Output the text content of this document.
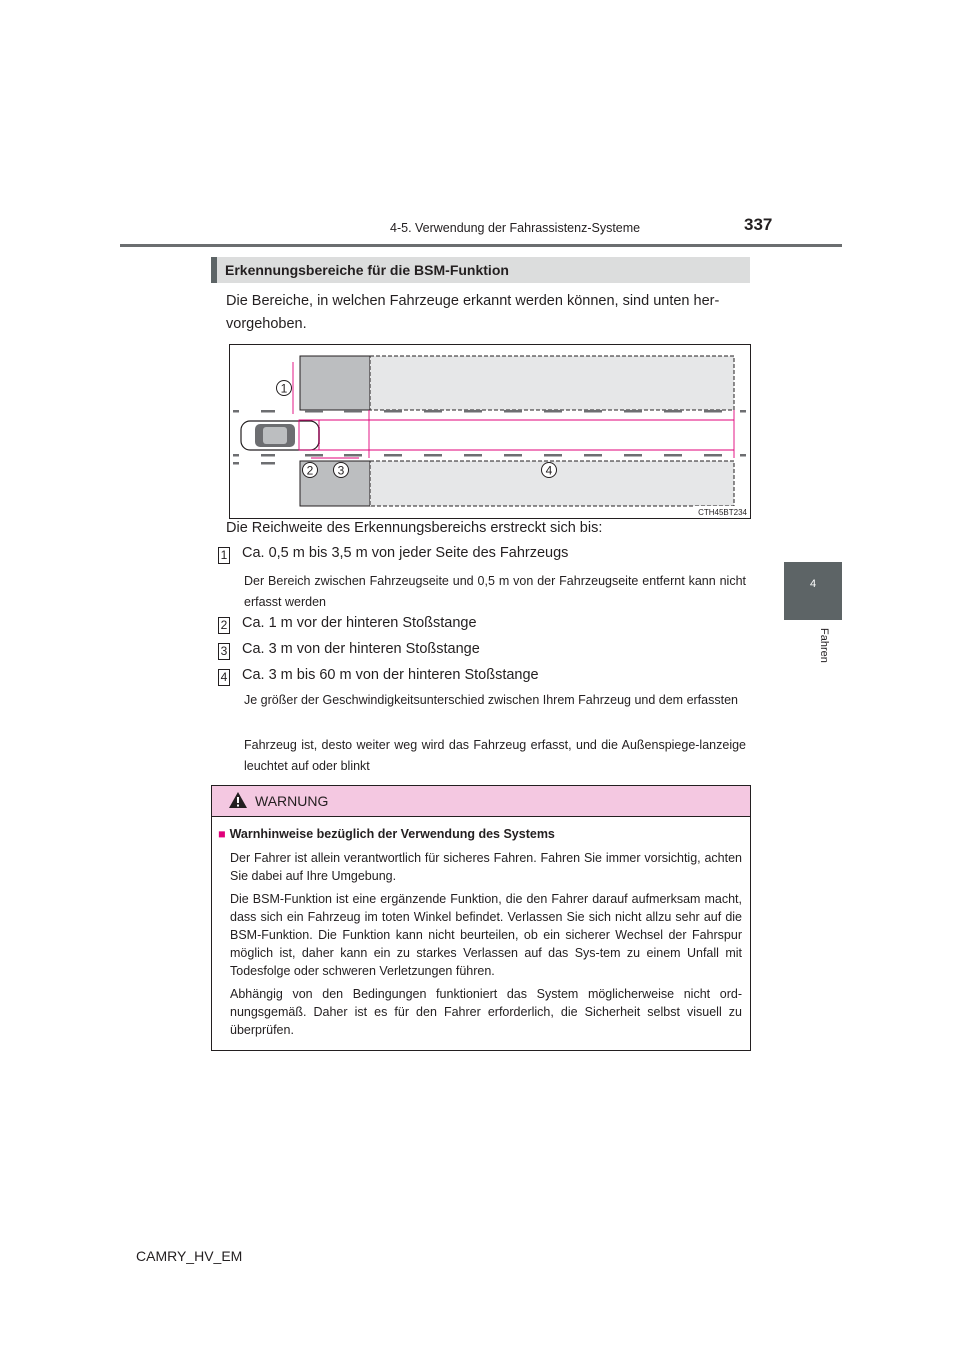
4-5. Verwendung der Fahrassistenz-Systeme	337
4
Fahren
Erkennungsbereiche für die BSM-Funktion
Die Bereiche, in welchen Fahrzeuge erkannt werden können, sind unten her-vorgehoben.
1
2 3	4
CTH45BT234
Die Reichweite des Erkennungsbereichs erstreckt sich bis:
1 Ca. 0,5 m bis 3,5 m von jeder Seite des Fahrzeugs
Der Bereich zwischen Fahrzeugseite und 0,5 m von der Fahrzeugseite entfernt kann nicht erfasst werden
2 Ca. 1 m vor der hinteren Stoßstange
3 Ca. 3 m von der hinteren Stoßstange
4 Ca. 3 m bis 60 m von der hinteren Stoßstange
Je größer der Geschwindigkeitsunterschied zwischen Ihrem Fahrzeug und dem erfassten
Fahrzeug ist, desto weiter weg wird das Fahrzeug erfasst, und die Außenspiege-lanzeige leuchtet auf oder blinkt
WARNUNG
■ Warnhinweise bezüglich der Verwendung des Systems
Der Fahrer ist allein verantwortlich für sicheres Fahren. Fahren Sie immer vorsichtig, achten Sie dabei auf Ihre Umgebung.
Die BSM-Funktion ist eine ergänzende Funktion, die den Fahrer darauf aufmerksam macht, dass sich ein Fahrzeug im toten Winkel befindet. Verlassen Sie sich nicht allzu sehr auf die BSM-Funktion. Die Funktion kann nicht beurteilen, ob ein sicherer Wechsel der Fahrspur möglich ist, daher kann ein zu starkes Verlassen auf das Sys-tem zu einem Unfall mit Todesfolge oder schweren Verletzungen führen.
Abhängig von den Bedingungen funktioniert das System möglicherweise nicht ord-nungsgemäß. Daher ist es für den Fahrer erforderlich, die Sicherheit selbst visuell zu überprüfen.
CAMRY_HV_EM
